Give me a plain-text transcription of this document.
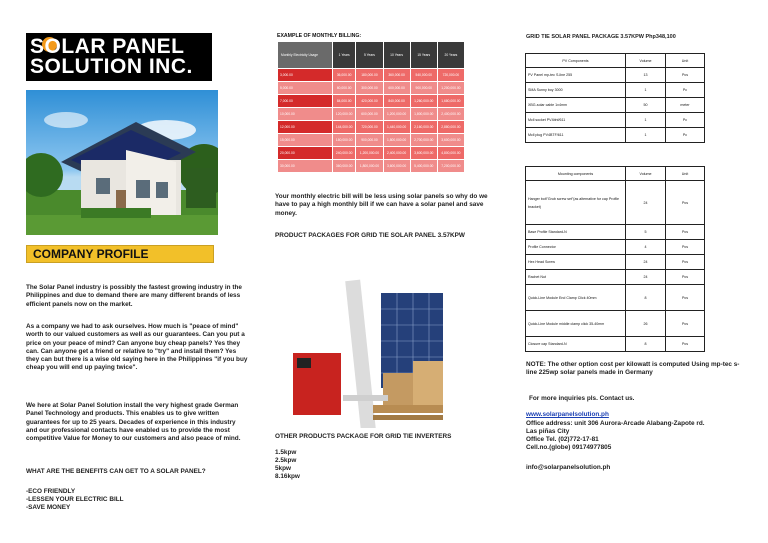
SOLAR PANEL
SOLUTION INC.
COMPANY PROFILE
The Solar Panel industry is possibly the fastest growing industry in the Philippines and due to demand there are many different brands of less efficient panels now on the market.
As a company we had to ask ourselves. How much is "peace of mind" worth to our valued customers as well as our guarantees. Can you put a price on your peace of mind? Can anyone buy cheap panels? Yes they can. Can anyone get a friend or relative to "try" and install them? Yes they can but there is a wise old saying here in the Philippines "if you buy cheap you will end up paying twice".
We here at Solar Panel Solution install the very highest grade German Panel Technology and products. This enables us to give written guarantees for up to 25 years. Decades of experience in this industry and our professional contacts have enabled us to provide the most competitive Value for Money to our customers and also peace of mind.
WHAT ARE THE BENEFITS CAN GET TO A SOLAR PANEL?
-ECO FRIENDLY
-LESSEN YOUR ELECTRIC BILL
-SAVE MONEY
EXAMPLE OF MONTHLY BILLING:
Monthly Electricity Usage	1 Years	5 Years	10 Years	15 Years	20 Years
3,000.00	36,000.00	180,000.00	360,000.00	540,000.00	720,000.00
5,000.00	60,000.00	300,000.00	600,000.00	900,000.00	1,200,000.00
7,000.00	84,000.00	420,000.00	840,000.00	1,260,000.00	1,680,000.00
10,000.00	120,000.00	600,000.00	1,200,000.00	1,800,000.00	2,400,000.00
12,000.00	144,000.00	720,000.00	1,440,000.00	2,160,000.00	2,880,000.00
15,000.00	180,000.00	900,000.00	1,800,000.00	2,700,000.00	3,600,000.00
20,000.00	240,000.00	1,200,000.00	2,400,000.00	3,600,000.00	4,800,000.00
30,000.00	360,000.00	1,800,000.00	3,600,000.00	5,400,000.00	7,200,000.00
Your monthly electric bill will be less using solar panels so why do we have to pay a high monthly bill if we can have a solar panel and save money.
PRODUCT PACKAGES FOR GRID TIE SOLAR PANEL 3.57KPW
OTHER PRODUCTS PACKAGE FOR GRID TIE INVERTERS
1.5kpw
2.5kpw
5kpw
8.16kpw
GRID TIE SOLAR PANEL PACKAGE 3.57KPW Php348,100
PV Components	Volume	Unit
PV Panel mp-tec S-line 255	13	Pcs
SMA Sunny boy 3000	1	Pc
XBG-solar cable 1x4mm	50	meter
Mcll socket PV4bhf/611	1	Pc
Mcll plug PV4BTF/611	1	Pc
Mounting components	Volume	Unit
Hanger bolt"Grub screw set"(as alternative for cap Profile bracket)	24	Pcs
Base Profile Standard-N	5	Pcs
Profile Connector	4	Pcs
Hex Head Screw	24	Pcs
Rachet Nut	24	Pcs
Quick-Line Module End Clamp Click 40mm	8	Pcs
Quick-Line Module middle clamp click 35-40mm	26	Pcs
Closure cap Standard-N	8	Pcs
NOTE: The other option cost per kilowatt is computed Using mp-tec s-line 225wp solar panels made in Germany
For more inquiries pls. Contact us.
www.solarpanelsolution.ph
Office address: unit 306 Aurora-Arcade Alabang-Zapote rd.
Las piñas City
Office Tel. (02)772-17-81
Cell.no.(globe) 09174977805
info@solarpanelsolution.ph
